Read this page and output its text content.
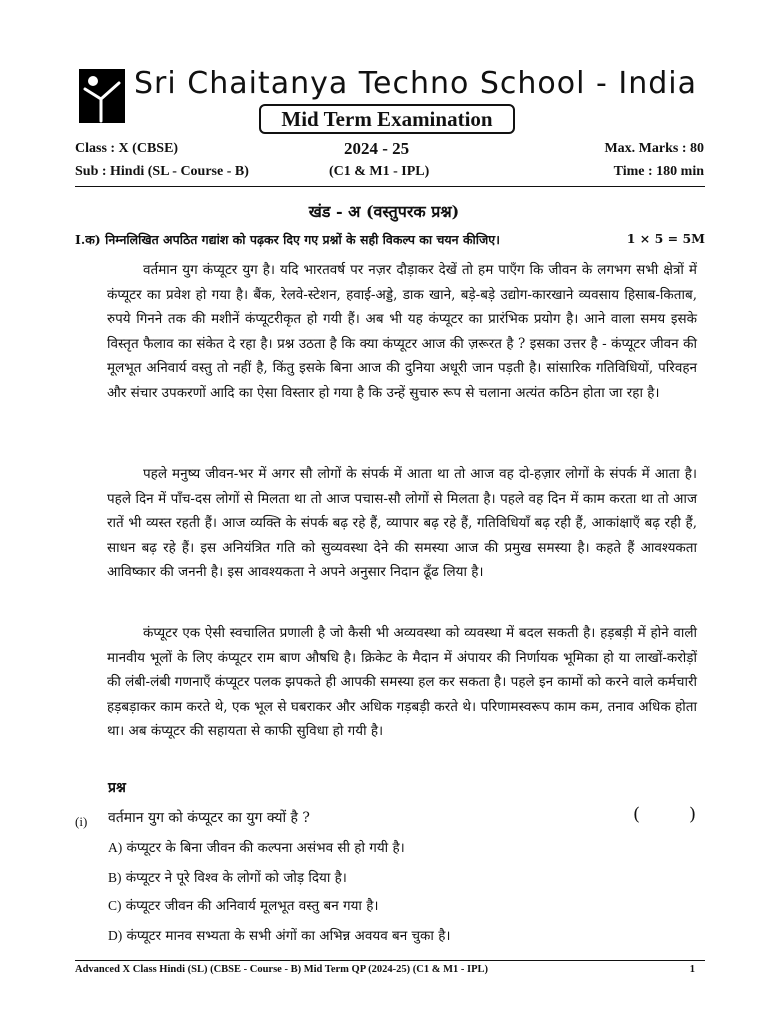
Sri Chaitanya Techno School - India
Mid Term Examination
Class : X (CBSE)	2024 - 25	Max. Marks : 80
Sub : Hindi (SL - Course - B)	(C1 & M1 - IPL)	Time : 180 min
खंड - अ (वस्तुपरक प्रश्न)
I.क) निम्नलिखित अपठित गद्यांश को पढ़कर दिए गए प्रश्नों के सही विकल्प का चयन कीजिए।	1 × 5 = 5M

वर्तमान युग कंप्यूटर युग है। यदि भारतवर्ष पर नज़र दौड़ाकर देखें तो हम पाएँग कि जीवन के लगभग सभी क्षेत्रों में कंप्यूटर का प्रवेश हो गया है। बैंक, रेलवे-स्टेशन, हवाई-अड्डे, डाक खाने, बड़े-बड़े उद्योग-कारखाने व्यवसाय हिसाब-किताब, रुपये गिनने तक की मशीनें कंप्यूटरीकृत हो गयी हैं। अब भी यह कंप्यूटर का प्रारंभिक प्रयोग है। आने वाला समय इसके विस्तृत फैलाव का संकेत दे रहा है। प्रश्न उठता है कि क्या कंप्यूटर आज की ज़रूरत है ? इसका उत्तर है - कंप्यूटर जीवन की मूलभूत अनिवार्य वस्तु तो नहीं है, किंतु इसके बिना आज की दुनिया अधूरी जान पड़ती है। सांसारिक गतिविधियों, परिवहन और संचार उपकरणों आदि का ऐसा विस्तार हो गया है कि उन्हें सुचारु रूप से चलाना अत्यंत कठिन होता जा रहा है।

पहले मनुष्य जीवन-भर में अगर सौ लोगों के संपर्क में आता था तो आज वह दो-हज़ार लोगों के संपर्क में आता है। पहले दिन में पाँच-दस लोगों से मिलता था तो आज पचास-सौ लोगों से मिलता है। पहले वह दिन में काम करता था तो आज रातें भी व्यस्त रहती हैं। आज व्यक्ति के संपर्क बढ़ रहे हैं, व्यापार बढ़ रहे हैं, गतिविधियाँ बढ़ रही हैं, आकांक्षाएँ बढ़ रही हैं, साधन बढ़ रहे हैं। इस अनियंत्रित गति को सुव्यवस्था देने की समस्या आज की प्रमुख समस्या है। कहते हैं आवश्यकता आविष्कार की जननी है। इस आवश्यकता ने अपने अनुसार निदान ढूँढ लिया है।

कंप्यूटर एक ऐसी स्वचालित प्रणाली है जो कैसी भी अव्यवस्था को व्यवस्था में बदल सकती है। हड़बड़ी में होने वाली मानवीय भूलों के लिए कंप्यूटर राम बाण औषधि है। क्रिकेट के मैदान में अंपायर की निर्णायक भूमिका हो या लाखों-करोड़ों की लंबी-लंबी गणनाएँ कंप्यूटर पलक झपकते ही आपकी समस्या हल कर सकता है। पहले इन कामों को करने वाले कर्मचारी हड़बड़ाकर काम करते थे, एक भूल से घबराकर और अधिक गड़बड़ी करते थे। परिणामस्वरूप काम कम, तनाव अधिक होता था। अब कंप्यूटर की सहायता से काफी सुविधा हो गयी है।

प्रश्न
(i) वर्तमान युग को कंप्यूटर का युग क्यों है ?	(	)
A) कंप्यूटर के बिना जीवन की कल्पना असंभव सी हो गयी है।
B) कंप्यूटर ने पूरे विश्व के लोगों को जोड़ दिया है।
C) कंप्यूटर जीवन की अनिवार्य मूलभूत वस्तु बन गया है।
D) कंप्यूटर मानव सभ्यता के सभी अंगों का अभिन्न अवयव बन चुका है।
Advanced X Class Hindi (SL) (CBSE - Course - B) Mid Term QP (2024-25) (C1 & M1 - IPL)	1
